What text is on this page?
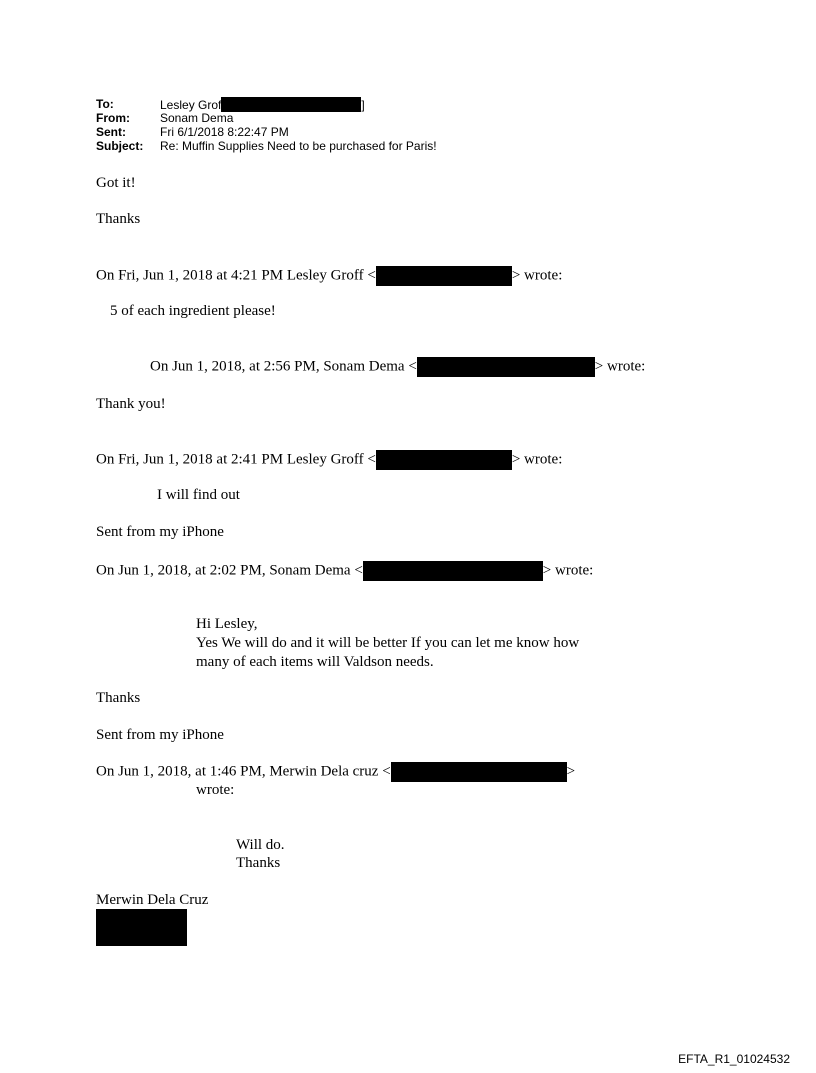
To:	Lesley Grof	]
From:	Sonam Dema
Sent:	Fri 6/1/2018 8:22:47 PM
Subject: Re: Muffin Supplies Need to be purchased for Paris!
Got it!
Thanks
On Fri, Jun 1, 2018 at 4:21 PM Lesley Groff <	> wrote:
5 of each ingredient please!
On Jun 1, 2018, at 2:56 PM, Sonam Dema <	> wrote:
Thank you!
On Fri, Jun 1, 2018 at 2:41 PM Lesley Groff <	> wrote:
I will find out
Sent from my iPhone
On Jun 1, 2018, at 2:02 PM, Sonam Dema <	> wrote:
Hi Lesley,
Yes We will do and it will be better If you can let me know how
many of each items will Valdson needs.
Thanks
Sent from my iPhone
On Jun 1, 2018, at 1:46 PM, Merwin Dela cruz <	>
wrote:
Will do.
Thanks
Merwin Dela Cruz
EFTA_R1_01024532
